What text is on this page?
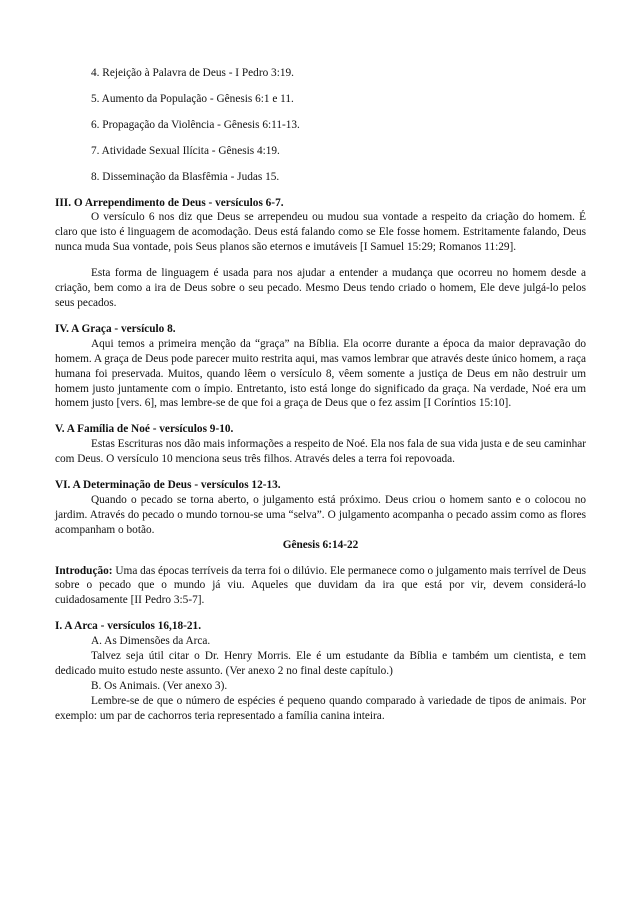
4. Rejeição à Palavra de Deus - I Pedro 3:19.
5. Aumento da População - Gênesis 6:1 e 11.
6. Propagação da Violência - Gênesis 6:11-13.
7. Atividade Sexual Ilícita - Gênesis 4:19.
8. Disseminação da Blasfêmia - Judas 15.

III. O Arrependimento de Deus - versículos 6-7.

O versículo 6 nos diz que Deus se arrependeu ou mudou sua vontade a respeito da criação do homem. É claro que isto é linguagem de acomodação. Deus está falando como se Ele fosse homem. Estritamente falando, Deus nunca muda Sua vontade, pois Seus planos são eternos e imutáveis [I Samuel 15:29; Romanos 11:29].

Esta forma de linguagem é usada para nos ajudar a entender a mudança que ocorreu no homem desde a criação, bem como a ira de Deus sobre o seu pecado. Mesmo Deus tendo criado o homem, Ele deve julgá-lo pelos seus pecados.

IV. A Graça - versículo 8.

Aqui temos a primeira menção da “graça” na Bíblia. Ela ocorre durante a época da maior depravação do homem. A graça de Deus pode parecer muito restrita aqui, mas vamos lembrar que através deste único homem, a raça humana foi preservada. Muitos, quando lêem o versículo 8, vêem somente a justiça de Deus em não destruir um homem justo juntamente com o ímpio. Entretanto, isto está longe do significado da graça. Na verdade, Noé era um homem justo [vers. 6], mas lembre-se de que foi a graça de Deus que o fez assim [I Coríntios 15:10].

V. A Família de Noé - versículos 9-10.

Estas Escrituras nos dão mais informações a respeito de Noé. Ela nos fala de sua vida justa e de seu caminhar com Deus. O versículo 10 menciona seus três filhos. Através deles a terra foi repovoada.

VI. A Determinação de Deus - versículos 12-13.

Quando o pecado se torna aberto, o julgamento está próximo. Deus criou o homem santo e o colocou no jardim. Através do pecado o mundo tornou-se uma “selva”. O julgamento acompanha o pecado assim como as flores acompanham o botão.

Gênesis 6:14-22

Introdução: Uma das épocas terríveis da terra foi o dilúvio. Ele permanece como o julgamento mais terrível de Deus sobre o pecado que o mundo já viu. Aqueles que duvidam da ira que está por vir, devem considerá-lo cuidadosamente [II Pedro 3:5-7].

I. A Arca - versículos 16,18-21.

A. As Dimensões da Arca.

Talvez seja útil citar o Dr. Henry Morris. Ele é um estudante da Bíblia e também um cientista, e tem dedicado muito estudo neste assunto. (Ver anexo 2 no final deste capítulo.)

B. Os Animais. (Ver anexo 3).

Lembre-se de que o número de espécies é pequeno quando comparado à variedade de tipos de animais. Por exemplo: um par de cachorros teria representado a família canina inteira.
